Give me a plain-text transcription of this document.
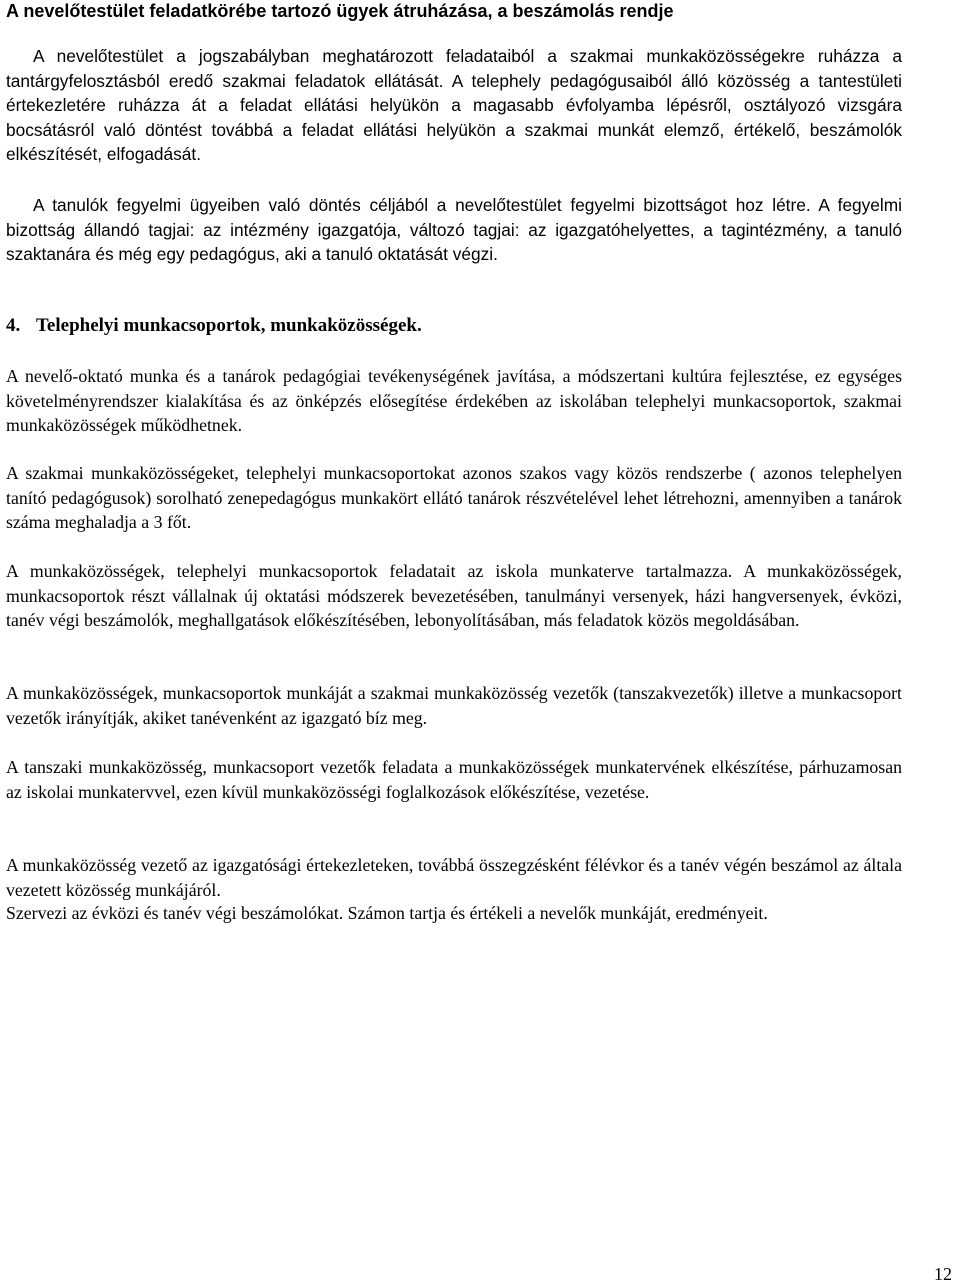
A nevelőtestület feladatkörébe tartozó ügyek átruházása, a beszámolás rendje

A nevelőtestület a jogszabályban meghatározott feladataiból a szakmai munkaközösségekre ruházza a tantárgyfelosztásból eredő szakmai feladatok ellátását. A telephely pedagógusaiból álló közösség a tantestületi értekezletére ruházza át a feladat ellátási helyükön a magasabb évfolyamba lépésről, osztályozó vizsgára bocsátásról való döntést továbbá a feladat ellátási helyükön a szakmai munkát elemző, értékelő, beszámolók elkészítését, elfogadását.

A tanulók fegyelmi ügyeiben való döntés céljából a nevelőtestület fegyelmi bizottságot hoz létre. A fegyelmi bizottság állandó tagjai: az intézmény igazgatója, változó tagjai: az igazgatóhelyettes, a tagintézmény, a tanuló szaktanára és még egy pedagógus, aki a tanuló oktatását végzi.

4. Telephelyi munkacsoportok, munkaközösségek.

A nevelő-oktató munka és a tanárok pedagógiai tevékenységének javítása, a módszertani kultúra fejlesztése, ez egységes követelményrendszer kialakítása és az önképzés elősegítése érdekében az iskolában telephelyi munkacsoportok, szakmai munkaközösségek működhetnek.

A szakmai munkaközösségeket, telephelyi munkacsoportokat azonos szakos vagy közös rendszerbe ( azonos telephelyen tanító pedagógusok) sorolható zenepedagógus munkakört ellátó tanárok részvételével lehet létrehozni, amennyiben a tanárok száma meghaladja a 3 főt.

A munkaközösségek, telephelyi munkacsoportok feladatait az iskola munkaterve tartalmazza. A munkaközösségek, munkacsoportok részt vállalnak új oktatási módszerek bevezetésében, tanulmányi versenyek, házi hangversenyek, évközi, tanév végi beszámolók, meghallgatások előkészítésében, lebonyolításában, más feladatok közös megoldásában.

A munkaközösségek, munkacsoportok munkáját a szakmai munkaközösség vezetők (tanszakvezetők) illetve a munkacsoport vezetők irányítják, akiket tanévenként az igazgató bíz meg.

A tanszaki munkaközösség, munkacsoport vezetők feladata a munkaközösségek munkatervének elkészítése, párhuzamosan az iskolai munkatervvel, ezen kívül munkaközösségi foglalkozások előkészítése, vezetése.

A munkaközösség vezető az igazgatósági értekezleteken, továbbá összegzésként félévkor és a tanév végén beszámol az általa vezetett közösség munkájáról.

Szervezi az évközi és tanév végi beszámolókat. Számon tartja és értékeli a nevelők munkáját, eredményeit.

12
